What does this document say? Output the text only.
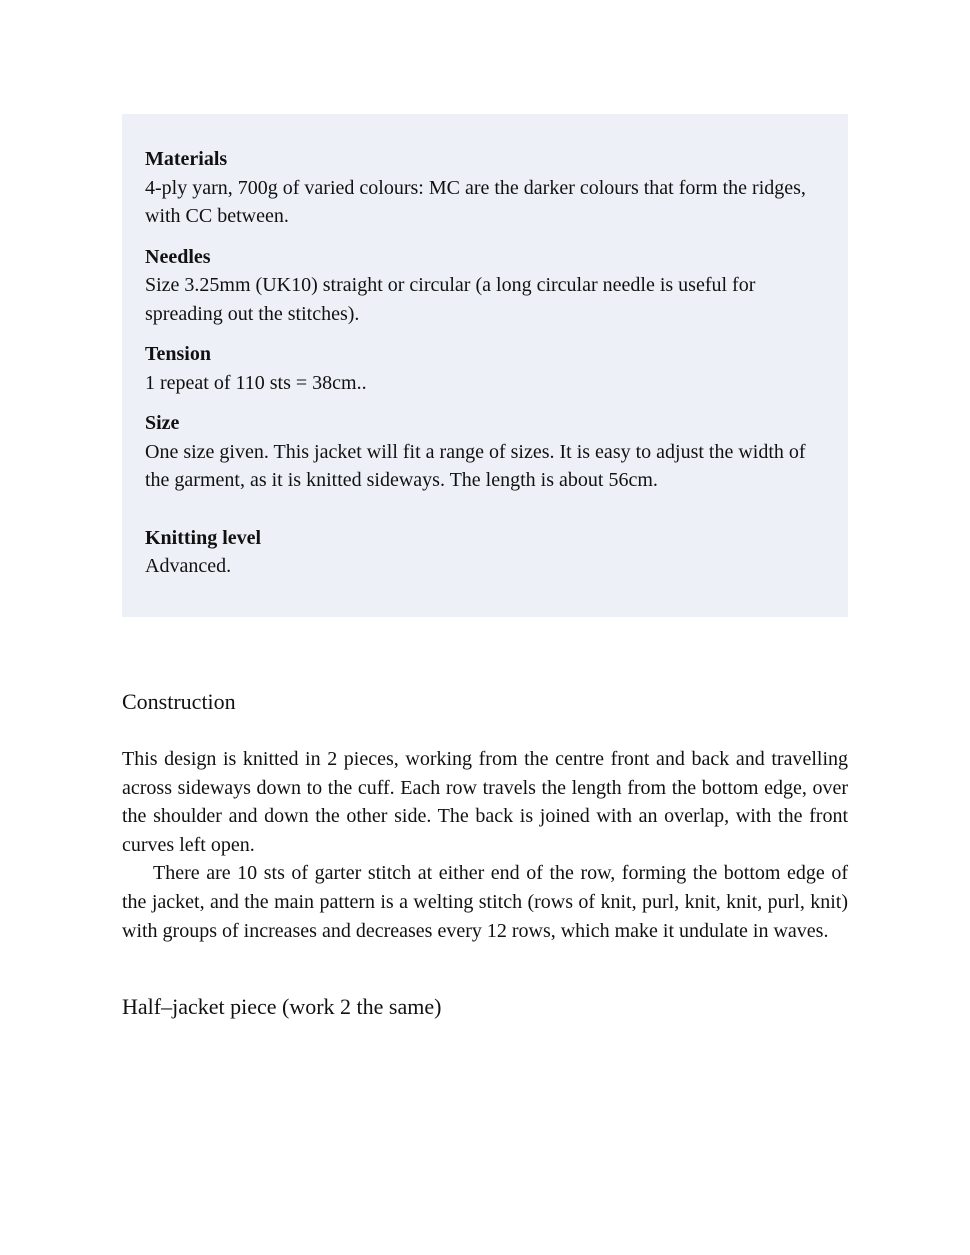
Materials
4-ply yarn, 700g of varied colours: MC are the darker colours that form the ridges, with CC between.
Needles
Size 3.25mm (UK10) straight or circular (a long circular needle is useful for spreading out the stitches).
Tension
1 repeat of 110 sts = 38cm..
Size
One size given. This jacket will fit a range of sizes. It is easy to adjust the width of the garment, as it is knitted sideways. The length is about 56cm.
Knitting level
Advanced.
Construction

This design is knitted in 2 pieces, working from the centre front and back and travelling across sideways down to the cuff. Each row travels the length from the bottom edge, over the shoulder and down the other side. The back is joined with an overlap, with the front curves left open.

There are 10 sts of garter stitch at either end of the row, forming the bottom edge of the jacket, and the main pattern is a welting stitch (rows of knit, purl, knit, knit, purl, knit) with groups of increases and decreases every 12 rows, which make it undulate in waves.

Half–jacket piece (work 2 the same)
